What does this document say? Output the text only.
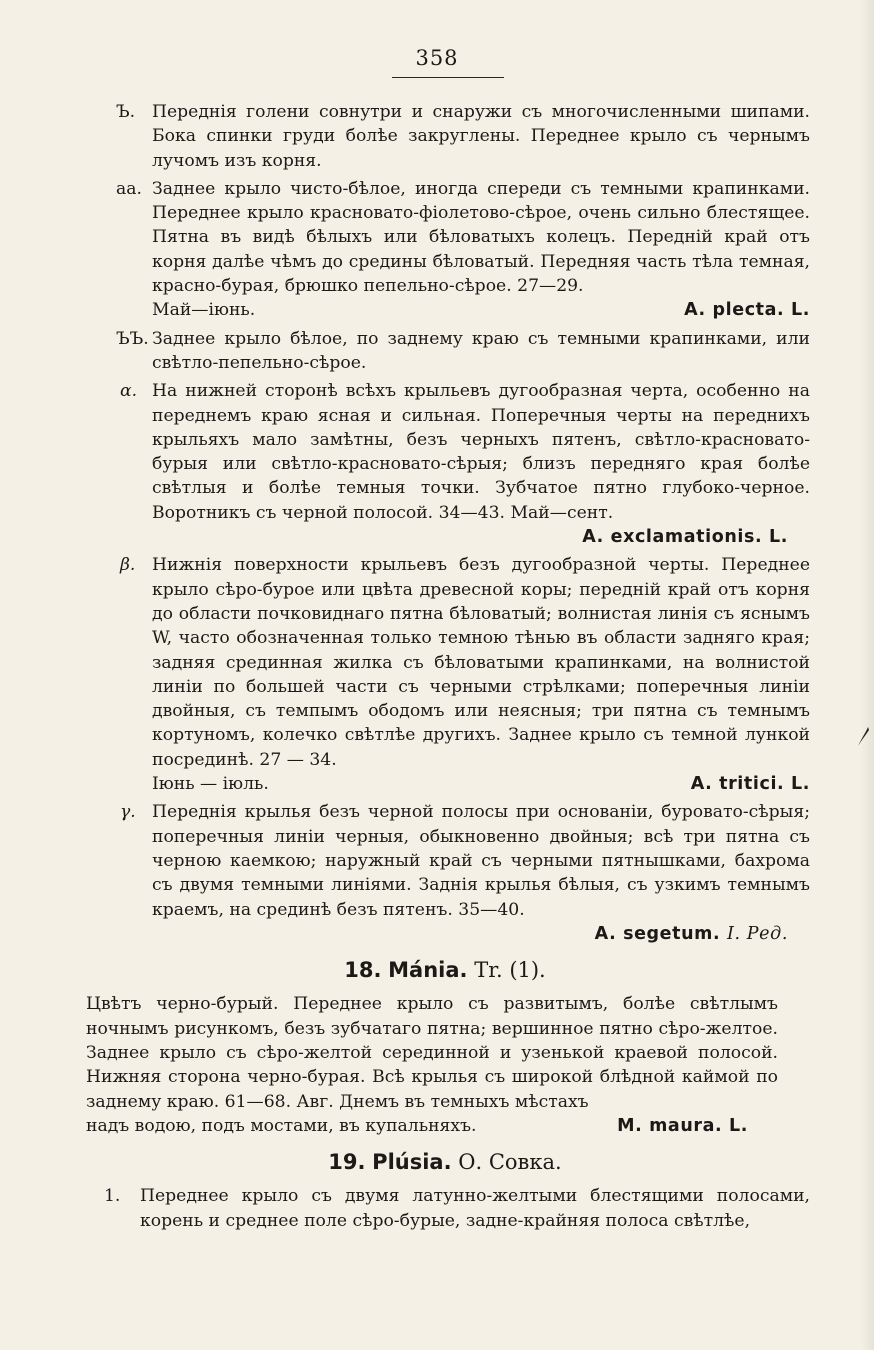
358
Ъ. Переднія голени совнутри и снаружи съ многочисленными шипами. Бока спинки груди болѣе закруглены. Переднее крыло съ чернымъ лучомъ изъ корня.
аа. Заднее крыло чисто-бѣлое, иногда спереди съ темными крапинками. Переднее крыло красновато-фіолетово-сѣрое, очень сильно блестящее. Пятна въ видѣ бѣлыхъ или бѣловатыхъ колецъ. Передній край отъ корня далѣе чѣмъ до средины бѣловатый. Передняя часть тѣла темная, красно-бурая, брюшко пепельно-сѣрое. 27—29.
Май—іюнь.	A. plecta. L.
ЪЪ. Заднее крыло бѣлое, по заднему краю съ темными крапинками, или свѣтло-пепельно-сѣрое.
α. На нижней сторонѣ всѣхъ крыльевъ дугообразная черта, особенно на переднемъ краю ясная и сильная. Поперечныя черты на переднихъ крыльяхъ мало замѣтны, безъ черныхъ пятенъ, свѣтло-красновато-бурыя или свѣтло-красновато-сѣрыя; близъ передняго края болѣе свѣтлыя и болѣе темныя точки. Зубчатое пятно глубоко-черное. Воротникъ съ черной полосой. 34—43. Май—сент.
A. exclamationis. L.
β. Нижнія поверхности крыльевъ безъ дугообразной черты. Переднее крыло сѣро-бурое или цвѣта древесной коры; передній край отъ корня до области почковиднаго пятна бѣловатый; волнистая линія съ яснымъ W, часто обозначенная только темною тѣнью въ области задняго края; задняя срединная жилка съ бѣловатыми крапинками, на волнистой линіи по большей части съ черными стрѣлками; поперечныя линіи двойныя, съ темпымъ ободомъ или неясныя; три пятна съ темнымъ кортуномъ, колечко свѣтлѣе другихъ. Заднее крыло съ темной лункой посрединѣ. 27 — 34.
Іюнь — іюль.	A. tritici. L.
γ. Переднія крылья безъ черной полосы при основаніи, буровато-сѣрыя; поперечныя линіи черныя, обыкновенно двойныя; всѣ три пятна съ черною каемкою; наружный край съ черными пятнышками, бахрома съ двумя темными линіями. Заднія крылья бѣлыя, съ узкимъ темнымъ краемъ, на срединѣ безъ пятенъ. 35—40.
A. segetum. I. Ред.
18. Mánia. Tr. (1).
Цвѣтъ черно-бурый. Переднее крыло съ развитымъ, болѣе свѣтлымъ ночнымъ рисункомъ, безъ зубчатаго пятна; вершинное пятно сѣро-желтое. Заднее крыло съ сѣро-желтой серединной и узенькой краевой полосой. Нижняя сторона черно-бурая. Всѣ крылья съ широкой блѣдной каймой по заднему краю. 61—68. Авг. Днемъ въ темныхъ мѣстахъ
надъ водою, подъ мостами, въ купальняхъ.	M. maura. L.
19. Plúsia. О. Совка.
1.	Переднее крыло съ двумя латунно-желтыми блестящими полосами, корень и среднее поле сѣро-бурые, задне-крайняя полоса свѣтлѣе,
